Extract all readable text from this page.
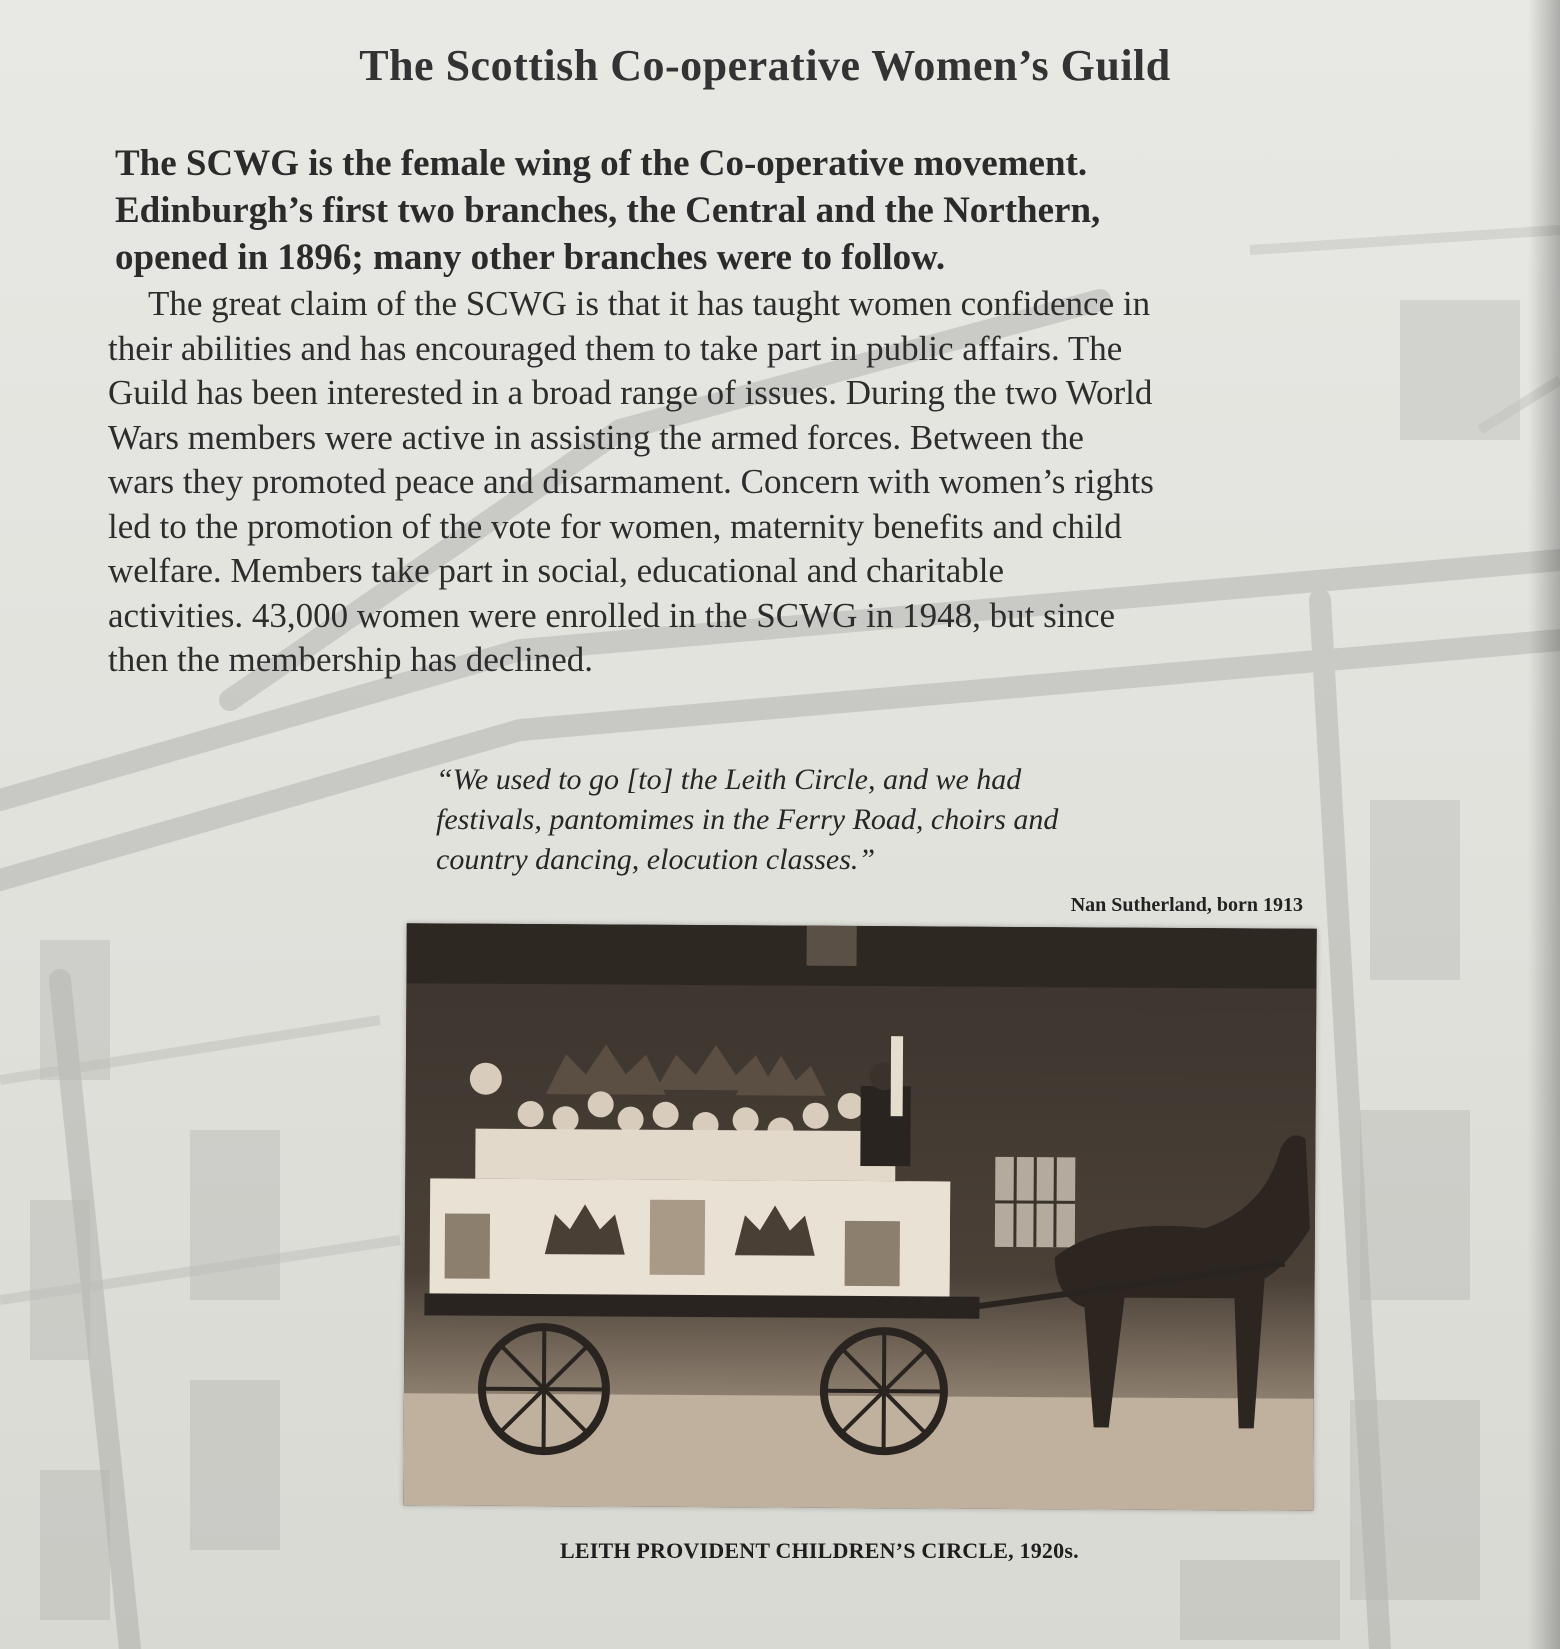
The Scottish Co-operative Women’s Guild
The SCWG is the female wing of the Co-operative movement.
Edinburgh’s first two branches, the Central and the Northern,
opened in 1896; many other branches were to follow.
The great claim of the SCWG is that it has taught women confidence in
their abilities and has encouraged them to take part in public affairs. The
Guild has been interested in a broad range of issues. During the two World
Wars members were active in assisting the armed forces. Between the
wars they promoted peace and disarmament. Concern with women’s rights
led to the promotion of the vote for women, maternity benefits and child
welfare. Members take part in social, educational and charitable
activities. 43,000 women were enrolled in the SCWG in 1948, but since
then the membership has declined.
“We used to go [to] the Leith Circle, and we had
festivals, pantomimes in the Ferry Road, choirs and
country dancing, elocution classes.”
Nan Sutherland, born 1913
LEITH PROVIDENT CHILDREN’S CIRCLE, 1920s.
